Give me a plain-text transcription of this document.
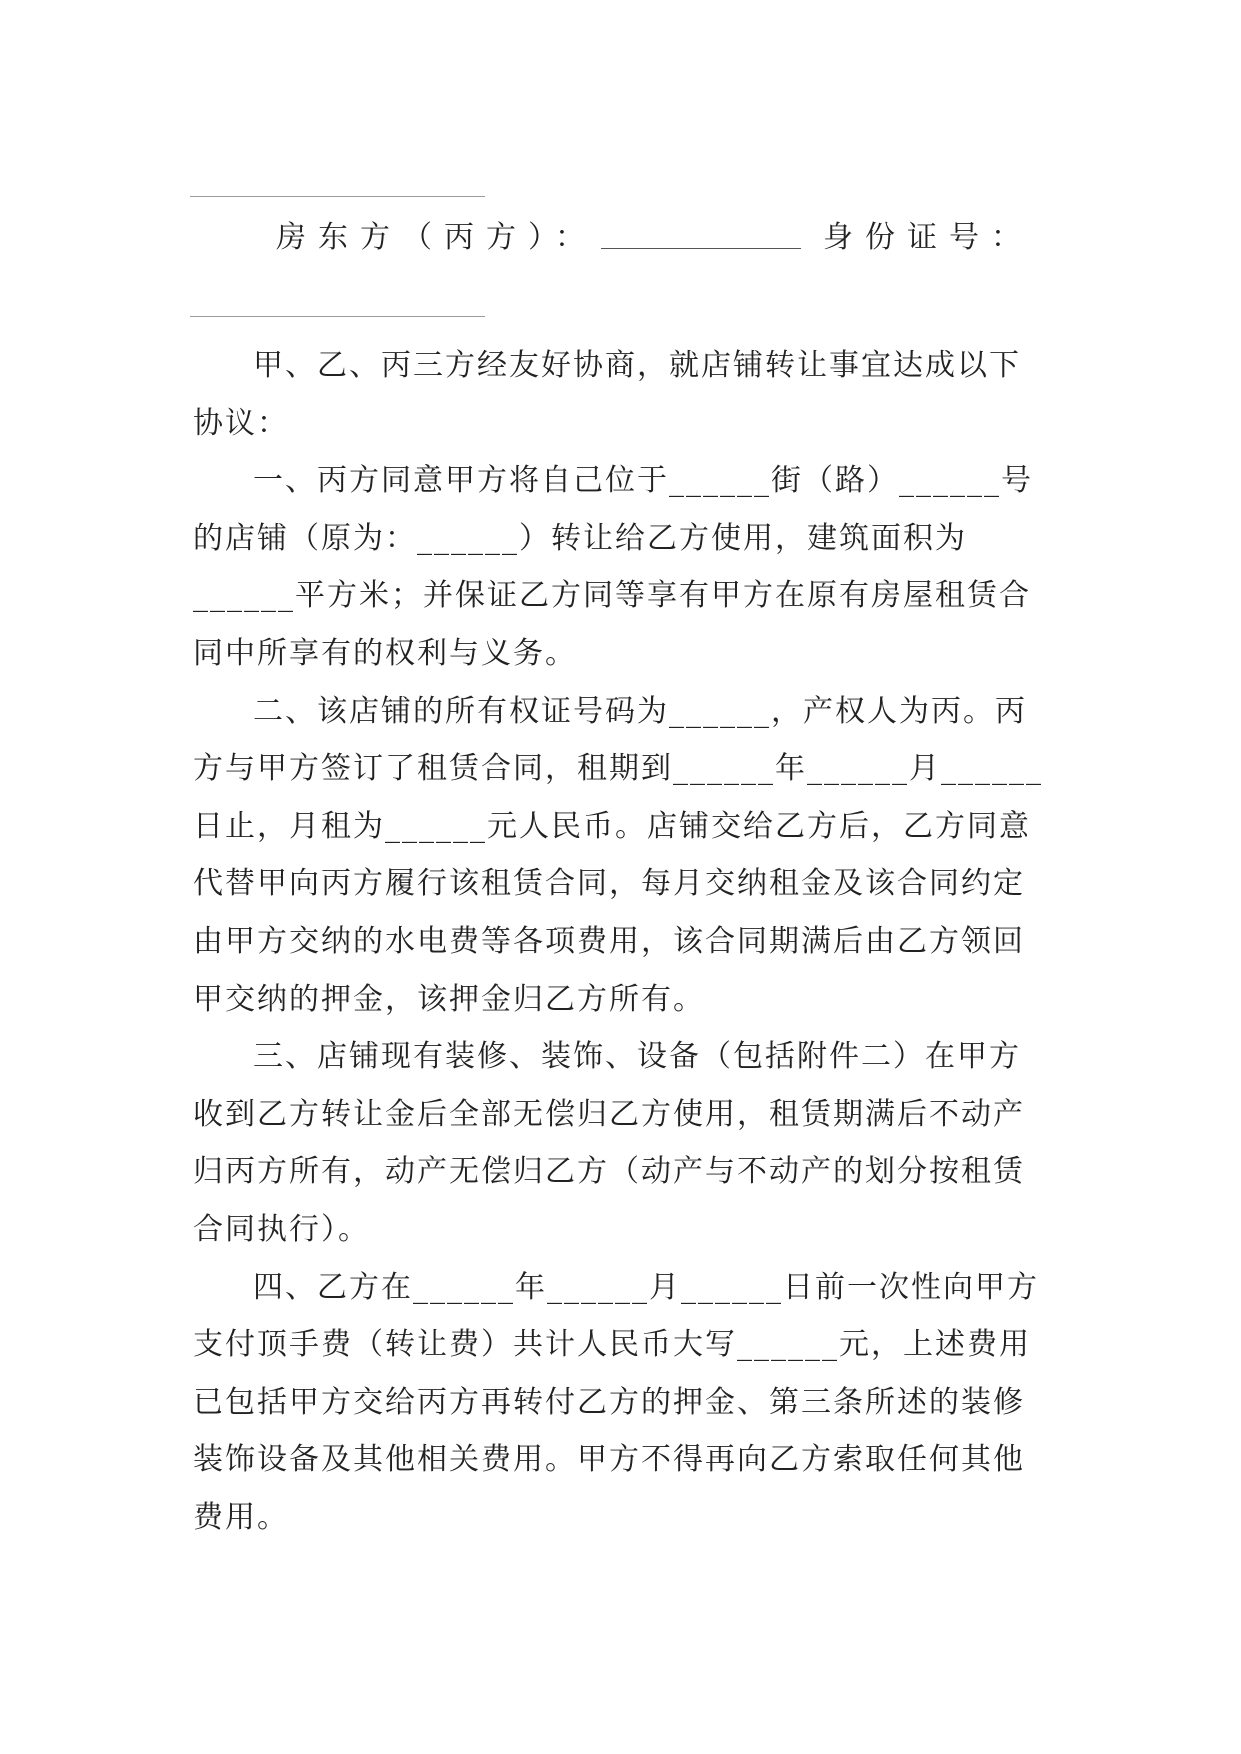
房东方（丙方）：	身份证号：

甲、乙、丙三方经友好协商，就店铺转让事宜达成以下协议：

一、丙方同意甲方将自己位于______街（路）______号的店铺（原为：______）转让给乙方使用，建筑面积为______平方米；并保证乙方同等享有甲方在原有房屋租赁合同中所享有的权利与义务。

二、该店铺的所有权证号码为______，产权人为丙。丙方与甲方签订了租赁合同，租期到______年______月______日止，月租为______元人民币。店铺交给乙方后，乙方同意代替甲向丙方履行该租赁合同，每月交纳租金及该合同约定由甲方交纳的水电费等各项费用，该合同期满后由乙方领回甲交纳的押金，该押金归乙方所有。

三、店铺现有装修、装饰、设备（包括附件二）在甲方收到乙方转让金后全部无偿归乙方使用，租赁期满后不动产归丙方所有，动产无偿归乙方（动产与不动产的划分按租赁合同执行）。

四、乙方在______年______月______日前一次性向甲方支付顶手费（转让费）共计人民币大写______元，上述费用已包括甲方交给丙方再转付乙方的押金、第三条所述的装修装饰设备及其他相关费用。甲方不得再向乙方索取任何其他费用。
